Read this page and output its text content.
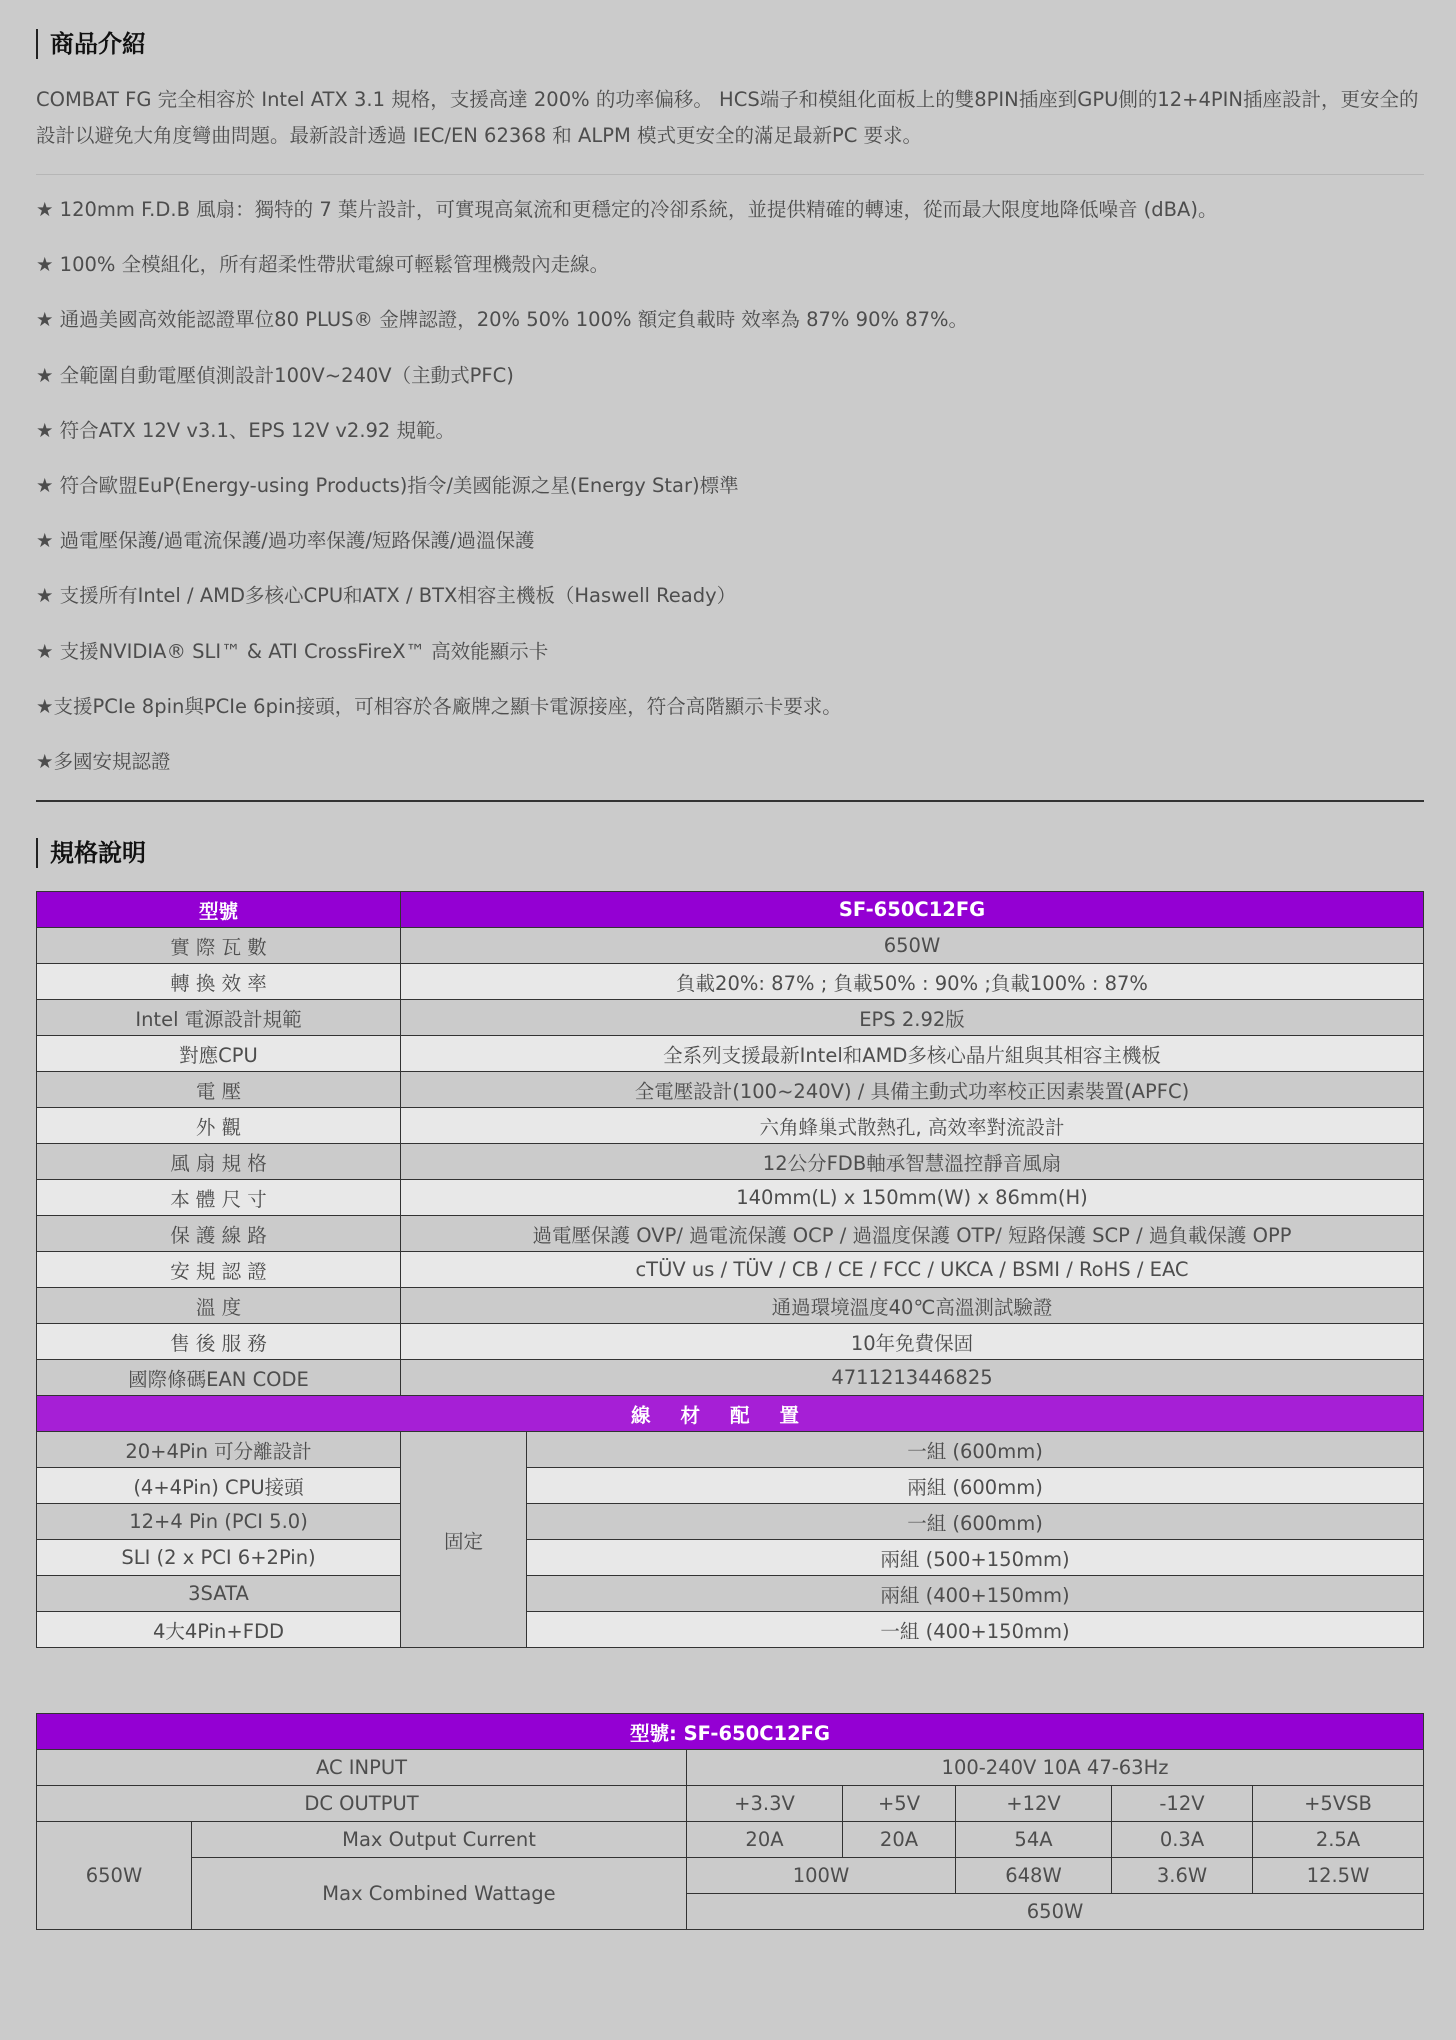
商品介紹

COMBAT FG 完全相容於 Intel ATX 3.1 規格，支援高達 200% 的功率偏移。 HCS端子和模組化面板上的雙8PIN插座到GPU側的12+4PIN插座設計，更安全的設計以避免大角度彎曲問題。最新設計透過 IEC/EN 62368 和 ALPM 模式更安全的滿足最新PC 要求。

★ 120mm F.D.B 風扇：獨特的 7 葉片設計，可實現高氣流和更穩定的冷卻系統，並提供精確的轉速，從而最大限度地降低噪音 (dBA)。
★ 100% 全模組化，所有超柔性帶狀電線可輕鬆管理機殼內走線。
★ 通過美國高效能認證單位80 PLUS® 金牌認證，20% 50% 100% 額定負載時 效率為 87% 90% 87%。
★ 全範圍自動電壓偵測設計100V~240V（主動式PFC)
★ 符合ATX 12V v3.1、EPS 12V v2.92 規範。
★ 符合歐盟EuP(Energy-using Products)指令/美國能源之星(Energy Star)標準
★ 過電壓保護/過電流保護/過功率保護/短路保護/過溫保護
★ 支援所有Intel / AMD多核心CPU和ATX / BTX相容主機板（Haswell Ready）
★ 支援NVIDIA® SLI™ & ATI CrossFireX™ 高效能顯示卡
★支援PCIe 8pin與PCIe 6pin接頭，可相容於各廠牌之顯卡電源接座，符合高階顯示卡要求。
★多國安規認證
規格說明
型號	SF-650C12FG	
實 際 瓦 數	650W	
轉 換 效 率	負載20%: 87% ; 負載50% : 90% ;負載100% : 87%	
Intel 電源設計規範	EPS 2.92版	
對應CPU	全系列支援最新Intel和AMD多核心晶片組與其相容主機板	
電 壓	全電壓設計(100~240V) / 具備主動式功率校正因素裝置(APFC)	
外 觀	六角蜂巢式散熱孔, 高效率對流設計	
風 扇 規 格	12公分FDB軸承智慧溫控靜音風扇	
本 體 尺 寸	140mm(L) x 150mm(W) x 86mm(H)	
保 護 線 路	過電壓保護 OVP/ 過電流保護 OCP / 過溫度保護 OTP/ 短路保護 SCP / 過負載保護 OPP	
安 規 認 證	cTÜV us / TÜV / CB / CE / FCC / UKCA / BSMI / RoHS / EAC	
溫 度	通過環境溫度40℃高溫測試驗證	
售 後 服 務	10年免費保固	
國際條碼EAN CODE	4711213446825	
線材配置		
20+4Pin 可分離設計	固定	一組 (600mm)
(4+4Pin) CPU接頭		兩組 (600mm)
12+4 Pin (PCI 5.0)		一組 (600mm)
SLI (2 x PCI 6+2Pin)		兩組 (500+150mm)
3SATA		兩組 (400+150mm)
4大4Pin+FDD		一組 (400+150mm)
型號: SF-650C12FG						
AC INPUT		100-240V 10A 47-63Hz				
DC OUTPUT		+3.3V	+5V	+12V	-12V	+5VSB
650W	Max Output Current	20A	20A	54A	0.3A	2.5A
	Max Combined Wattage	100W		648W	3.6W	12.5W
		650W				
